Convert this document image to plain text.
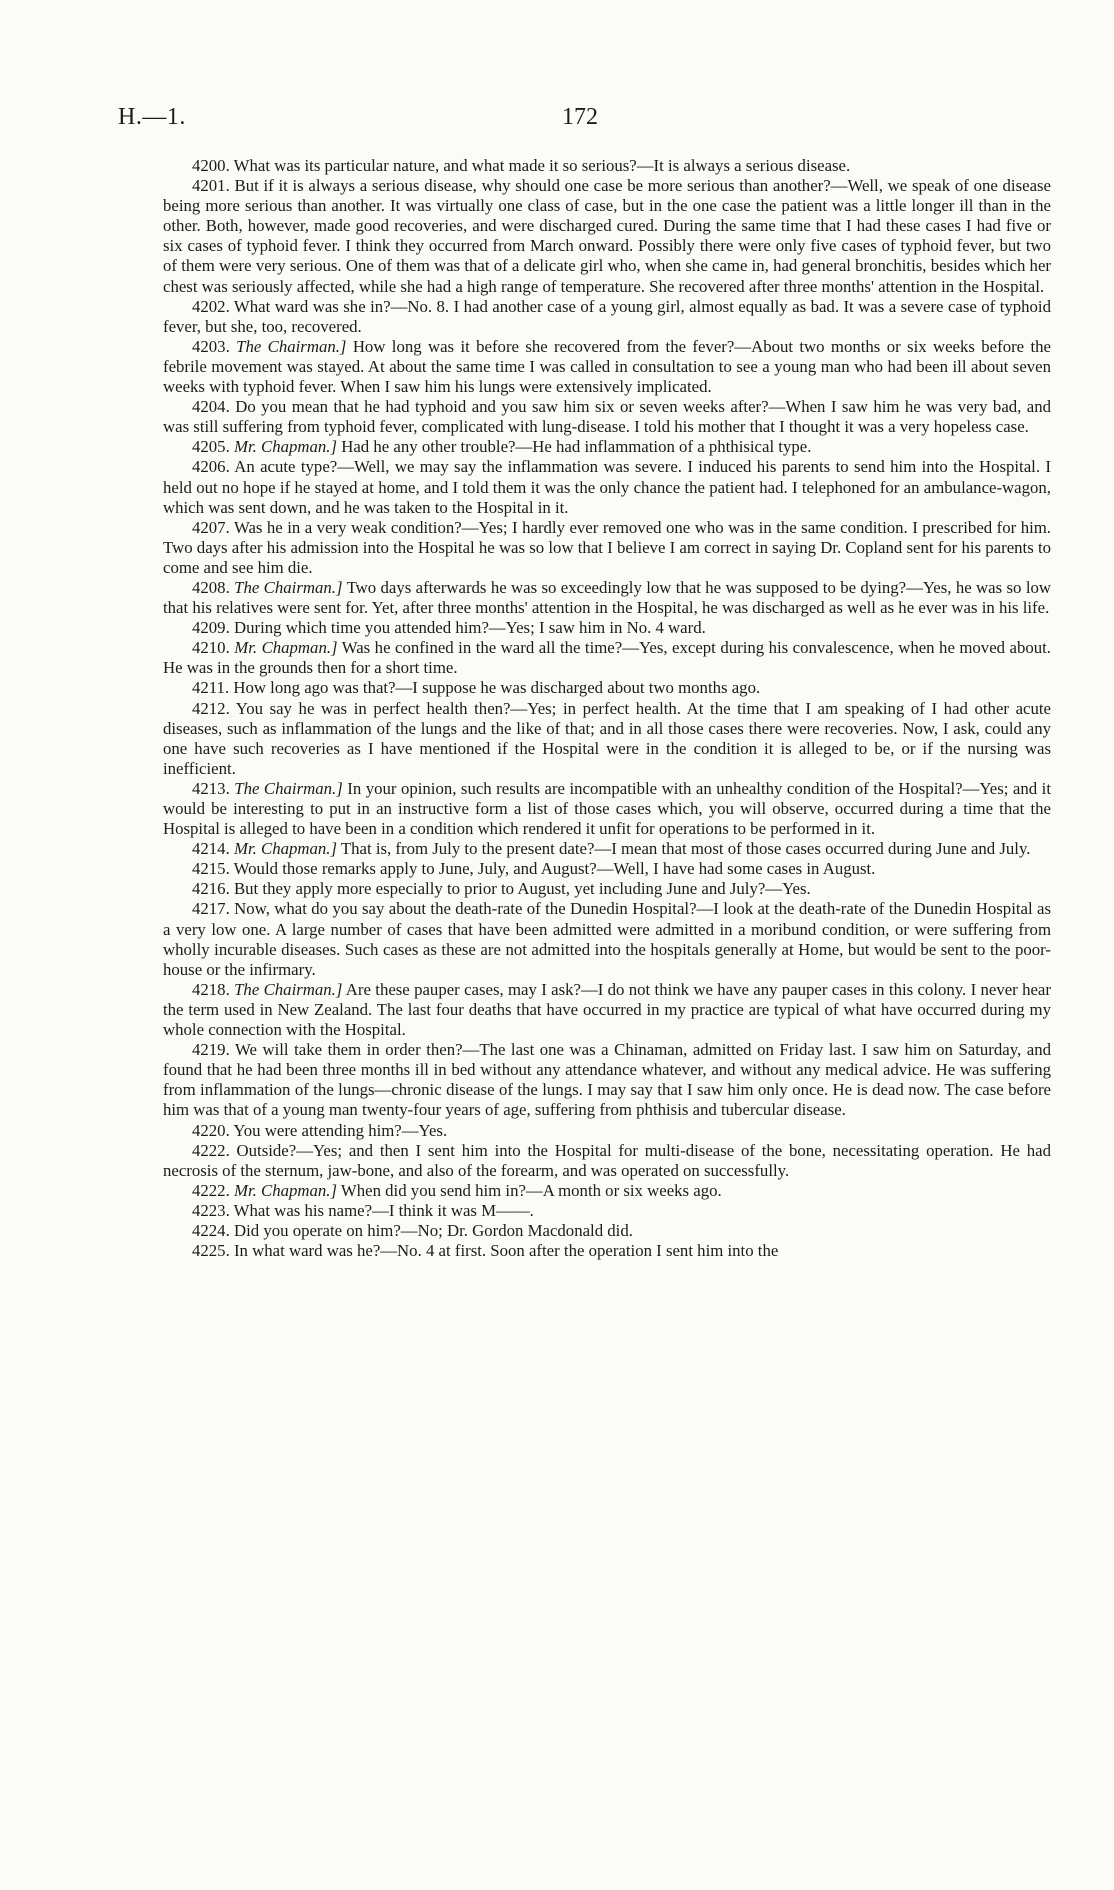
H.—1.	172

4200. What was its particular nature, and what made it so serious?—It is always a serious disease.

4201. But if it is always a serious disease, why should one case be more serious than another?—Well, we speak of one disease being more serious than another. It was virtually one class of case, but in the one case the patient was a little longer ill than in the other. Both, however, made good recoveries, and were discharged cured. During the same time that I had these cases I had five or six cases of typhoid fever. I think they occurred from March onward. Possibly there were only five cases of typhoid fever, but two of them were very serious. One of them was that of a delicate girl who, when she came in, had general bronchitis, besides which her chest was seriously affected, while she had a high range of temperature. She recovered after three months' attention in the Hospital.

4202. What ward was she in?—No. 8. I had another case of a young girl, almost equally as bad. It was a severe case of typhoid fever, but she, too, recovered.

4203. The Chairman.] How long was it before she recovered from the fever?—About two months or six weeks before the febrile movement was stayed. At about the same time I was called in consultation to see a young man who had been ill about seven weeks with typhoid fever. When I saw him his lungs were extensively implicated.

4204. Do you mean that he had typhoid and you saw him six or seven weeks after?—When I saw him he was very bad, and was still suffering from typhoid fever, complicated with lung-disease. I told his mother that I thought it was a very hopeless case.

4205. Mr. Chapman.] Had he any other trouble?—He had inflammation of a phthisical type.

4206. An acute type?—Well, we may say the inflammation was severe. I induced his parents to send him into the Hospital. I held out no hope if he stayed at home, and I told them it was the only chance the patient had. I telephoned for an ambulance-wagon, which was sent down, and he was taken to the Hospital in it.

4207. Was he in a very weak condition?—Yes; I hardly ever removed one who was in the same condition. I prescribed for him. Two days after his admission into the Hospital he was so low that I believe I am correct in saying Dr. Copland sent for his parents to come and see him die.

4208. The Chairman.] Two days afterwards he was so exceedingly low that he was supposed to be dying?—Yes, he was so low that his relatives were sent for. Yet, after three months' attention in the Hospital, he was discharged as well as he ever was in his life.

4209. During which time you attended him?—Yes; I saw him in No. 4 ward.

4210. Mr. Chapman.] Was he confined in the ward all the time?—Yes, except during his convalescence, when he moved about. He was in the grounds then for a short time.

4211. How long ago was that?—I suppose he was discharged about two months ago.

4212. You say he was in perfect health then?—Yes; in perfect health. At the time that I am speaking of I had other acute diseases, such as inflammation of the lungs and the like of that; and in all those cases there were recoveries. Now, I ask, could any one have such recoveries as I have mentioned if the Hospital were in the condition it is alleged to be, or if the nursing was inefficient.

4213. The Chairman.] In your opinion, such results are incompatible with an unhealthy condition of the Hospital?—Yes; and it would be interesting to put in an instructive form a list of those cases which, you will observe, occurred during a time that the Hospital is alleged to have been in a condition which rendered it unfit for operations to be performed in it.

4214. Mr. Chapman.] That is, from July to the present date?—I mean that most of those cases occurred during June and July.

4215. Would those remarks apply to June, July, and August?—Well, I have had some cases in August.

4216. But they apply more especially to prior to August, yet including June and July?—Yes.

4217. Now, what do you say about the death-rate of the Dunedin Hospital?—I look at the death-rate of the Dunedin Hospital as a very low one. A large number of cases that have been admitted were admitted in a moribund condition, or were suffering from wholly incurable diseases. Such cases as these are not admitted into the hospitals generally at Home, but would be sent to the poor-house or the infirmary.

4218. The Chairman.] Are these pauper cases, may I ask?—I do not think we have any pauper cases in this colony. I never hear the term used in New Zealand. The last four deaths that have occurred in my practice are typical of what have occurred during my whole connection with the Hospital.

4219. We will take them in order then?—The last one was a Chinaman, admitted on Friday last. I saw him on Saturday, and found that he had been three months ill in bed without any attendance whatever, and without any medical advice. He was suffering from inflammation of the lungs—chronic disease of the lungs. I may say that I saw him only once. He is dead now. The case before him was that of a young man twenty-four years of age, suffering from phthisis and tubercular disease.

4220. You were attending him?—Yes.

4222. Outside?—Yes; and then I sent him into the Hospital for multi-disease of the bone, necessitating operation. He had necrosis of the sternum, jaw-bone, and also of the forearm, and was operated on successfully.

4222. Mr. Chapman.] When did you send him in?—A month or six weeks ago.

4223. What was his name?—I think it was M——.

4224. Did you operate on him?—No; Dr. Gordon Macdonald did.

4225. In what ward was he?—No. 4 at first. Soon after the operation I sent him into the
